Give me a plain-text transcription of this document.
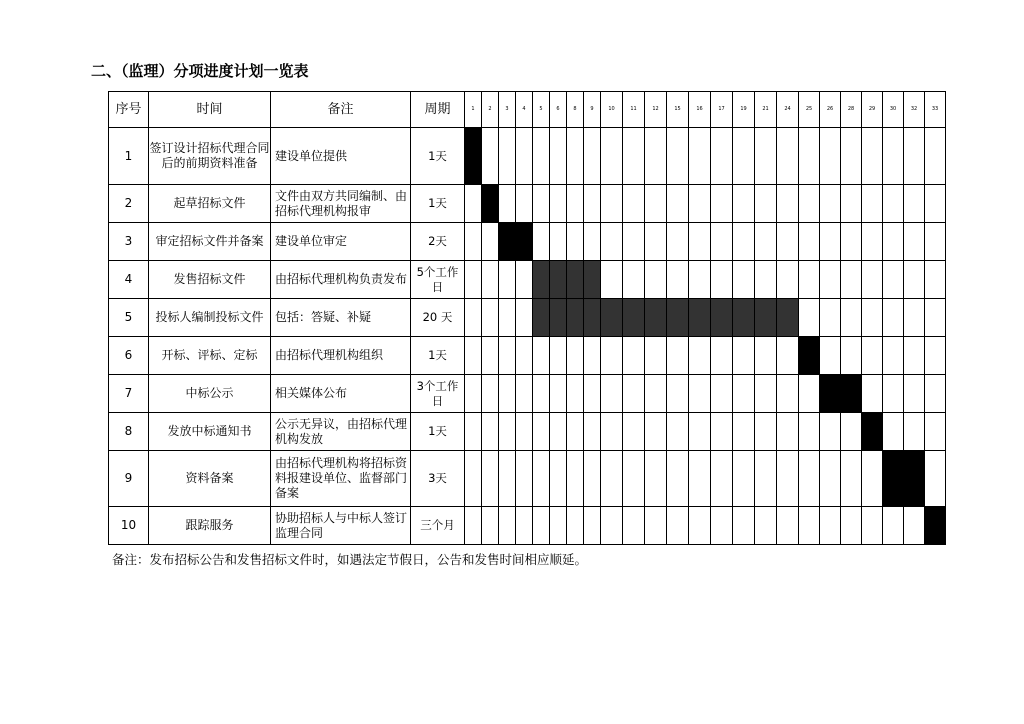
二、（监理）分项进度计划一览表
序号	时间	备注	周期	1	2	3	4	5	6	8	9	10	11	12	15	16	17	19	21	24	25	26	28	29	30	32	33
1	签订设计招标代理合同后的前期资料准备	建设单位提供	1天																								
2	起草招标文件	文件由双方共同编制、由招标代理机构报审	1天																								
3	审定招标文件并备案	建设单位审定	2天																								
4	发售招标文件	由招标代理机构负责发布	5个工作日																								
5	投标人编制投标文件	包括：答疑、补疑	20 天																								
6	开标、评标、定标	由招标代理机构组织	1天																								
7	中标公示	相关媒体公布	3个工作日																								
8	发放中标通知书	公示无异议，由招标代理机构发放	1天																								
9	资料备案	由招标代理机构将招标资料报建设单位、监督部门备案	3天																								
10	跟踪服务	协助招标人与中标人签订监理合同	三个月																								
备注：发布招标公告和发售招标文件时，如遇法定节假日，公告和发售时间相应顺延。
